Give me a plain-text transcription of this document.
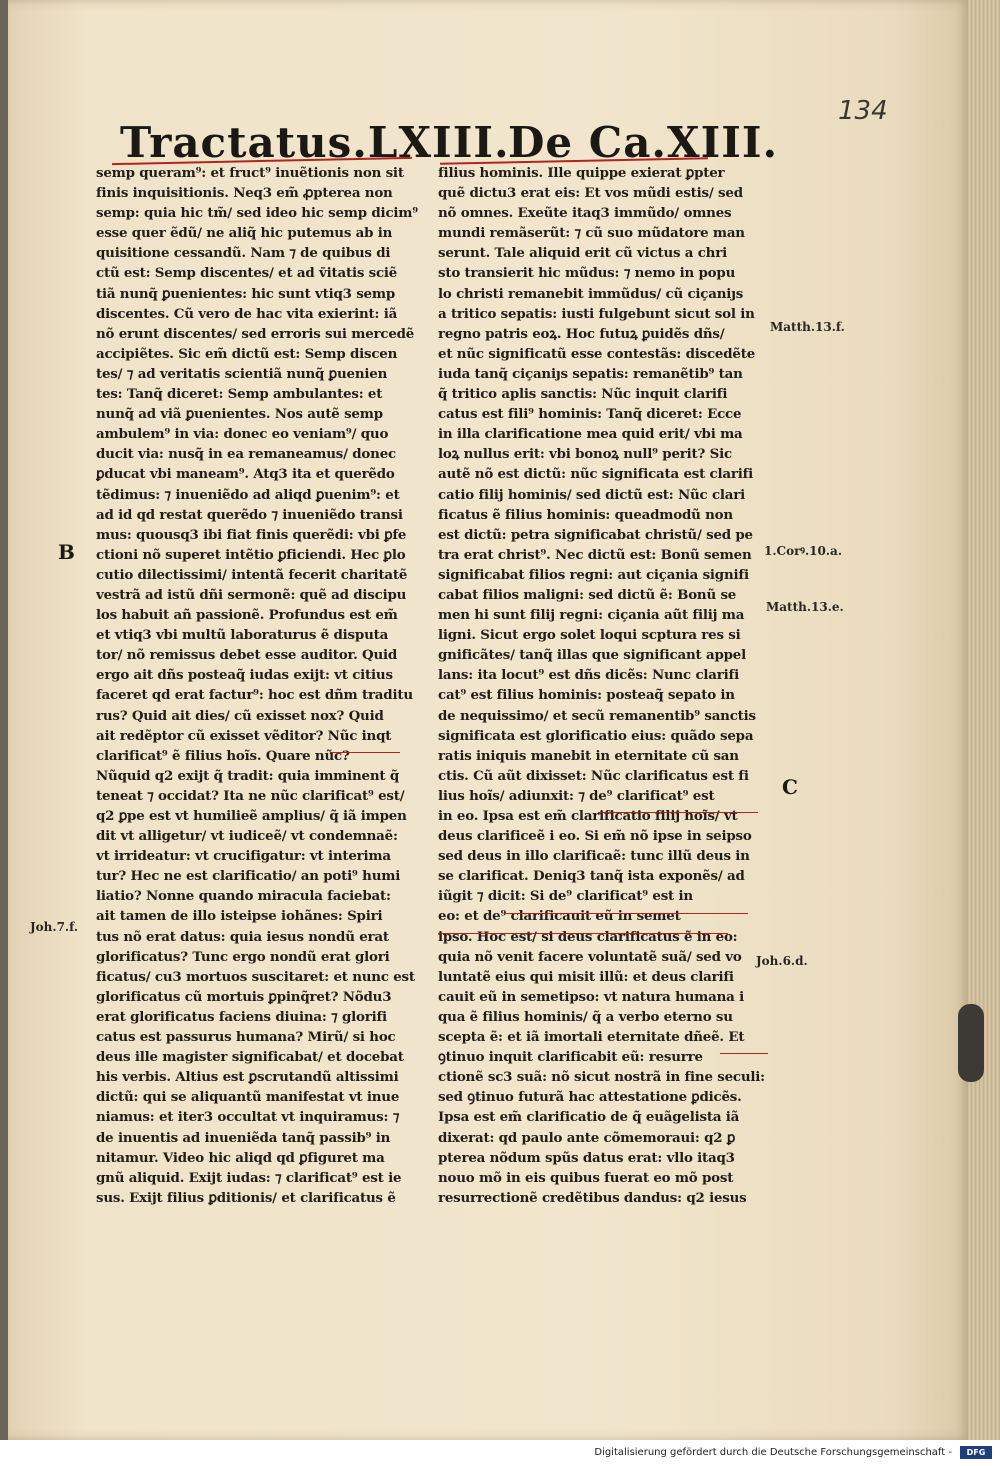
134
Tractatus.LXIII.
De Ca.XIII.
semp queram⁹: et fruct⁹ inuẽtionis non sit
finis inquisitionis. Neq3 em̃ ꝓpterea non
semp: quia hic tm̃/ sed ideo hic semp dicim⁹
esse quer ẽdũ/ ne aliq̃ hic putemus ab in
quisitione cessandũ. Nam ⁊ de quibus di
ctũ est: Semp discentes/ et ad v̄itatis sciẽ
tiã nunq̃ ꝑuenientes: hic sunt vtiq3 semp
discentes. Cũ vero de hac vita exierint: iã
nõ erunt discentes/ sed erroris sui mercedẽ
accipiẽtes. Sic em̃ dictũ est: Semp discen
tes/ ⁊ ad veritatis scientiã nunq̃ ꝑuenien
tes: Tanq̃ diceret: Semp ambulantes: et
nunq̃ ad viã ꝑuenientes. Nos autẽ semp
ambulem⁹ in via: donec eo veniam⁹/ quo
ducit via: nusq̃ in ea remaneamus/ donec
ꝑducat vbi maneam⁹. Atq3 ita et querẽdo
tẽdimus: ⁊ inueniẽdo ad aliqd ꝑuenim⁹: et
ad id qd restat querẽdo ⁊ inueniẽdo transi
mus: quousq3 ibi fiat finis querẽdi: vbi ꝑfe
ctioni nõ superet intẽtio ꝑficiendi. Hec ꝑlo
cutio dilectissimi/ intentã fecerit charitatẽ
vestrã ad istũ dñi sermonẽ: quẽ ad discipu
los habuit añ passionẽ. Profundus est em̃
et vtiq3 vbi multũ laboraturus ẽ disputa
tor/ nõ remissus debet esse auditor. Quid
ergo ait dñs posteaq̃ iudas exijt: vt citius
faceret qd erat factur⁹: hoc est dñm traditu
rus? Quid ait dies/ cũ exisset nox? Quid
ait redẽptor cũ exisset vẽditor? Nũc inqt
clarificat⁹ ẽ filius hoĩs. Quare nũc?
Nũquid q2 exijt q̃ tradit: quia imminent q̃
teneat ⁊ occidat? Ita ne nũc clarificat⁹ est/
q2 ꝑpe est vt humilieẽ amplius/ q̃ iã impen
dit vt alligetur/ vt iudiceẽ/ vt condemnaẽ:
vt irrideatur: vt crucifigatur: vt interima
tur? Hec ne est clarificatio/ an poti⁹ humi
liatio? Nonne quando miracula faciebat:
ait tamen de illo isteipse iohãnes: Spiri
tus nõ erat datus: quia iesus nondũ erat
glorificatus? Tunc ergo nondũ erat glori
ficatus/ cu3 mortuos suscitaret: et nunc est
glorificatus cũ mortuis ꝑpinq̃ret? Nõdu3
erat glorificatus faciens diuina: ⁊ glorifi
catus est passurus humana? Mirũ/ si hoc
deus ille magister significabat/ et docebat
his verbis. Altius est ꝑscrutandũ altissimi
dictũ: qui se aliquantũ manifestat vt inue
niamus: et iter3 occultat vt inquiramus: ⁊
de inuentis ad inueniẽda tanq̃ passib⁹ in
nitamur. Video hic aliqd qd ꝑfiguret ma
gnũ aliquid. Exijt iudas: ⁊ clarificat⁹ est ie
sus. Exijt filius ꝑditionis/ et clarificatus ẽ
filius hominis. Ille quippe exierat ꝑpter
quẽ dictu3 erat eis: Et vos mũdi estis/ sed
nõ omnes. Exeũte itaq3 immũdo/ omnes
mundi remãserũt: ⁊ cũ suo mũdatore man
serunt. Tale aliquid erit cũ victus a chri
sto transierit hic mũdus: ⁊ nemo in popu
lo christi remanebit immũdus/ cũ ciçaniȷs
a tritico sepatis: iusti fulgebunt sicut sol in
regno patris eoꝝ. Hoc futuꝝ ꝑuidẽs dñs/
et nũc significatũ esse contestãs: discedẽte
iuda tanq̃ ciçaniȷs sepatis: remanẽtib⁹ tan
q̃ tritico aplis sanctis: Nũc inquit clarifi
catus est fili⁹ hominis: Tanq̃ diceret: Ecce
in illa clarificatione mea quid erit/ vbi ma
loꝝ nullus erit: vbi bonoꝝ null⁹ perit? Sic
autẽ nõ est dictũ: nũc significata est clarifi
catio filij hominis/ sed dictũ est: Nũc clari
ficatus ẽ filius hominis: queadmodũ non
est dictũ: petra significabat christũ/ sed pe
tra erat christ⁹. Nec dictũ est: Bonũ semen
significabat filios regni: aut ciçania signifi
cabat filios maligni: sed dictũ ẽ: Bonũ se
men hi sunt filij regni: ciçania aũt filij ma
ligni. Sicut ergo solet loqui scptura res si
gnificãtes/ tanq̃ illas que significant appel
lans: ita locut⁹ est dñs dicẽs: Nunc clarifi
cat⁹ est filius hominis: posteaq̃ sepato in
de nequissimo/ et secũ remanentib⁹ sanctis
significata est glorificatio eius: quãdo sepa
ratis iniquis manebit in eternitate cũ san
ctis. Cũ aũt dixisset: Nũc clarificatus est fi
lius hoĩs/ adiunxit: ⁊ de⁹ clarificat⁹ est
in eo. Ipsa est em̃ clarificatio filij hoĩs/ vt
deus clarificeẽ i eo. Si em̃ nõ ipse in seipso
sed deus in illo clarificaẽ: tunc illũ deus in
se clarificat. Deniq3 tanq̃ ista exponẽs/ ad
iũgit ⁊ dicit: Si de⁹ clarificat⁹ est in
eo: et de⁹ clarificauit eũ in semet
ipso. Hoc est/ si deus clarificatus ẽ in eo:
quia nõ venit facere voluntatẽ suã/ sed vo
luntatẽ eius qui misit illũ: et deus clarifi
cauit eũ in semetipso: vt natura humana i
qua ẽ filius hominis/ q̃ a verbo eterno su
scepta ẽ: et iã imortali eternitate dñeẽ. Et
ꝯtinuo inquit clarificabit eũ: resurre
ctionẽ sc3 suã: nõ sicut nostrã in fine seculi:
sed ꝯtinuo futurã hac attestatione ꝑdicẽs.
Ipsa est em̃ clarificatio de q̃ euãgelista iã
dixerat: qd paulo ante cõmemoraui: q2 ꝑ
pterea nõdum spũs datus erat: vllo itaq3
nouo mõ in eis quibus fuerat eo mõ post
resurrectionẽ credẽtibus dandus: q2 iesus
Matth.13.f.
1.Corꝰ.10.a.
Matth.13.e.
Joh.7.f.
Joh.6.d.
B
C
Digitalisierung gefördert durch die Deutsche Forschungsgemeinschaft -	DFG
